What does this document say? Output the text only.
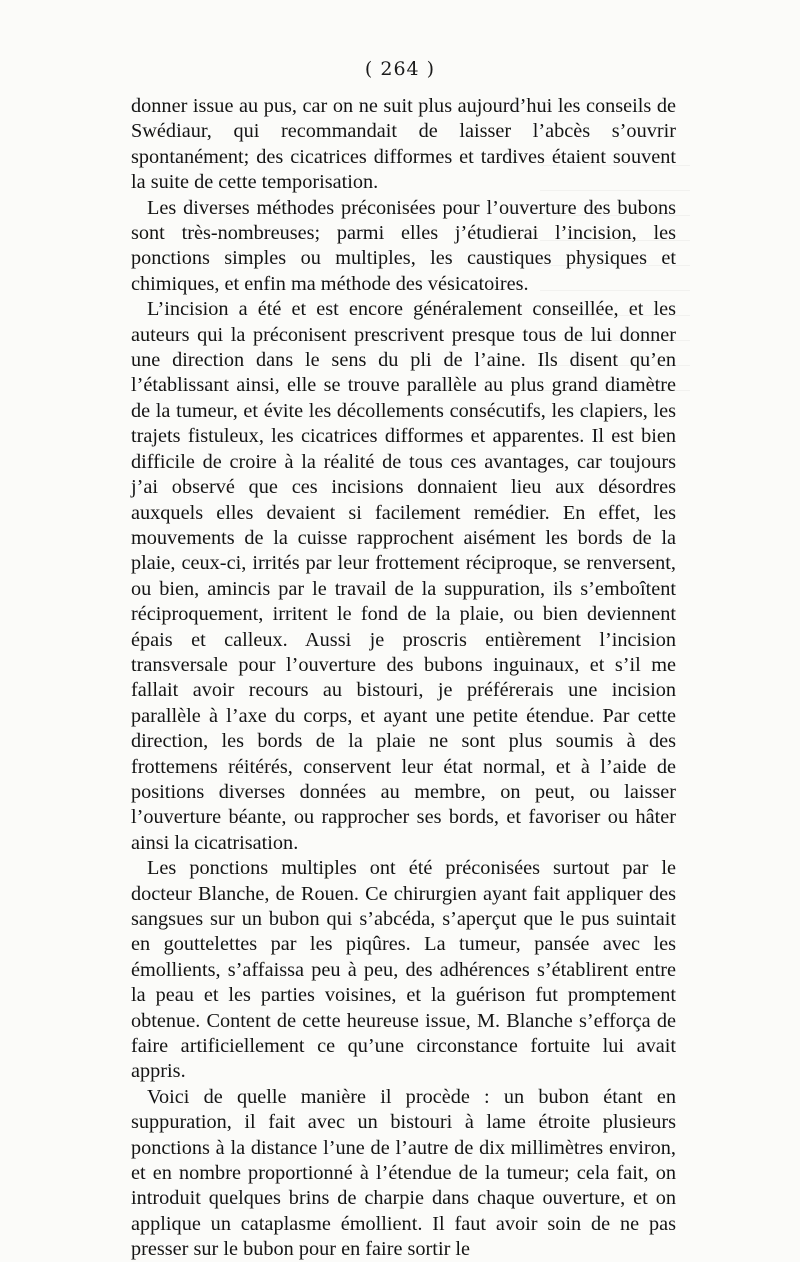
( 264 )

donner issue au pus, car on ne suit plus aujourd’hui les conseils de Swédiaur, qui recommandait de laisser l’abcès s’ouvrir spontanément; des cicatrices difformes et tardives étaient souvent la suite de cette temporisation.

Les diverses méthodes préconisées pour l’ouverture des bubons sont très-nombreuses; parmi elles j’étudierai l’incision, les ponctions simples ou multiples, les caustiques physiques et chimiques, et enfin ma méthode des vésicatoires.

L’incision a été et est encore généralement conseillée, et les auteurs qui la préconisent prescrivent presque tous de lui donner une direction dans le sens du pli de l’aine. Ils disent qu’en l’établissant ainsi, elle se trouve parallèle au plus grand diamètre de la tumeur, et évite les décollements consécutifs, les clapiers, les trajets fistuleux, les cicatrices difformes et apparentes. Il est bien difficile de croire à la réalité de tous ces avantages, car toujours j’ai observé que ces incisions donnaient lieu aux désordres auxquels elles devaient si facilement remédier. En effet, les mouvements de la cuisse rapprochent aisément les bords de la plaie, ceux-ci, irrités par leur frottement réciproque, se renversent, ou bien, amincis par le travail de la suppuration, ils s’emboîtent réciproquement, irritent le fond de la plaie, ou bien deviennent épais et calleux. Aussi je proscris entièrement l’incision transversale pour l’ouverture des bubons inguinaux, et s’il me fallait avoir recours au bistouri, je préférerais une incision parallèle à l’axe du corps, et ayant une petite étendue. Par cette direction, les bords de la plaie ne sont plus soumis à des frottemens réitérés, conservent leur état normal, et à l’aide de positions diverses données au membre, on peut, ou laisser l’ouverture béante, ou rapprocher ses bords, et favoriser ou hâter ainsi la cicatrisation.

Les ponctions multiples ont été préconisées surtout par le docteur Blanche, de Rouen. Ce chirurgien ayant fait appliquer des sangsues sur un bubon qui s’abcéda, s’aperçut que le pus suintait en gouttelettes par les piqûres. La tumeur, pansée avec les émollients, s’affaissa peu à peu, des adhérences s’établirent entre la peau et les parties voisines, et la guérison fut promptement obtenue. Content de cette heureuse issue, M. Blanche s’efforça de faire artificiellement ce qu’une circonstance fortuite lui avait appris.

Voici de quelle manière il procède : un bubon étant en suppuration, il fait avec un bistouri à lame étroite plusieurs ponctions à la distance l’une de l’autre de dix millimètres environ, et en nombre proportionné à l’étendue de la tumeur; cela fait, on introduit quelques brins de charpie dans chaque ouverture, et on applique un cataplasme émollient. Il faut avoir soin de ne pas presser sur le bubon pour en faire sortir le
